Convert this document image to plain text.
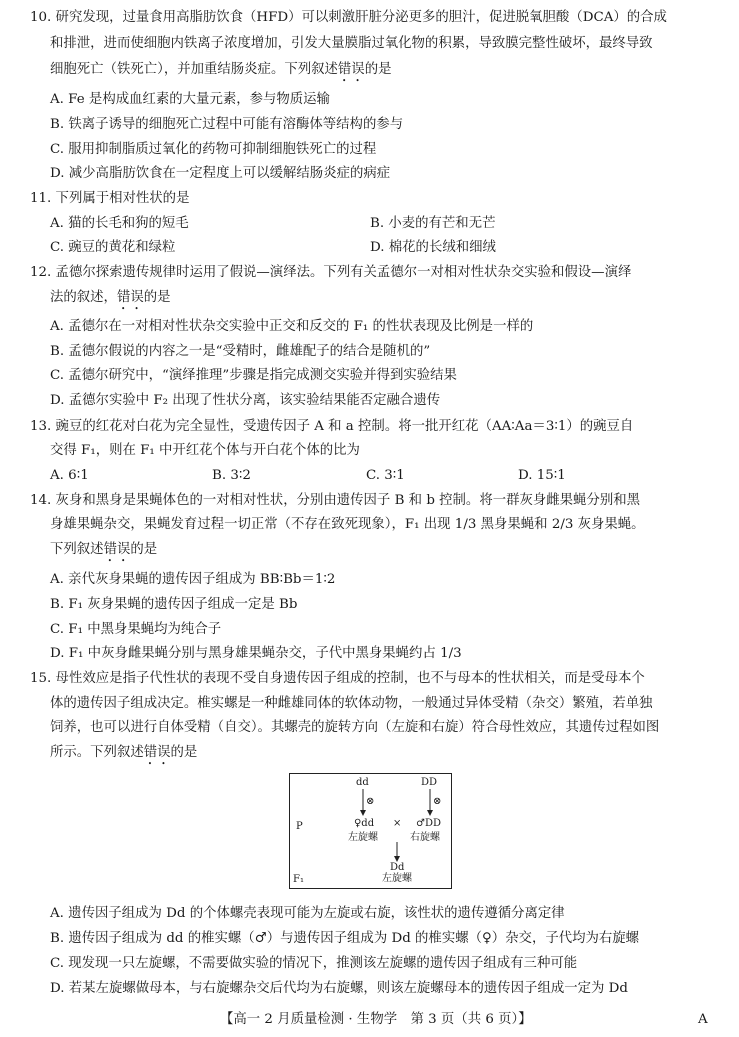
10. 研究发现，过量食用高脂肪饮食（HFD）可以刺激肝脏分泌更多的胆汁，促进脱氧胆酸（DCA）的合成
和排泄，进而使细胞内铁离子浓度增加，引发大量膜脂过氧化物的积累，导致膜完整性破坏，最终导致
细胞死亡（铁死亡），并加重结肠炎症。下列叙述错误的是
A. Fe 是构成血红素的大量元素，参与物质运输
B. 铁离子诱导的细胞死亡过程中可能有溶酶体等结构的参与
C. 服用抑制脂质过氧化的药物可抑制细胞铁死亡的过程
D. 减少高脂肪饮食在一定程度上可以缓解结肠炎症的病症
11. 下列属于相对性状的是
A. 猫的长毛和狗的短毛	B. 小麦的有芒和无芒
C. 豌豆的黄花和绿粒	D. 棉花的长绒和细绒
12. 孟德尔探索遗传规律时运用了假说—演绎法。下列有关孟德尔一对相对性状杂交实验和假设—演绎
法的叙述，错误的是
A. 孟德尔在一对相对性状杂交实验中正交和反交的 F₁ 的性状表现及比例是一样的
B. 孟德尔假说的内容之一是“受精时，雌雄配子的结合是随机的”
C. 孟德尔研究中，“演绎推理”步骤是指完成测交实验并得到实验结果
D. 孟德尔实验中 F₂ 出现了性状分离，该实验结果能否定融合遗传
13. 豌豆的红花对白花为完全显性，受遗传因子 A 和 a 控制。将一批开红花（AA∶Aa＝3∶1）的豌豆自
交得 F₁，则在 F₁ 中开红花个体与开白花个体的比为
A. 6∶1	B. 3∶2	C. 3∶1	D. 15∶1
14. 灰身和黑身是果蝇体色的一对相对性状，分别由遗传因子 B 和 b 控制。将一群灰身雌果蝇分别和黑
身雄果蝇杂交，果蝇发育过程一切正常（不存在致死现象），F₁ 出现 1/3 黑身果蝇和 2/3 灰身果蝇。
下列叙述错误的是
A. 亲代灰身果蝇的遗传因子组成为 BB∶Bb＝1∶2
B. F₁ 灰身果蝇的遗传因子组成一定是 Bb
C. F₁ 中黑身果蝇均为纯合子
D. F₁ 中灰身雌果蝇分别与黑身雄果蝇杂交，子代中黑身果蝇约占 1/3
15. 母性效应是指子代性状的表现不受自身遗传因子组成的控制，也不与母本的性状相关，而是受母本个
体的遗传因子组成决定。椎实螺是一种雌雄同体的软体动物，一般通过异体受精（杂交）繁殖，若单独
饲养，也可以进行自体受精（自交）。其螺壳的旋转方向（左旋和右旋）符合母性效应，其遗传过程如图
所示。下列叙述错误的是
dd	DD
⊗	⊗
P	♀dd × ♂DD
左旋螺	右旋螺
Dd
F₁	左旋螺
A. 遗传因子组成为 Dd 的个体螺壳表现可能为左旋或右旋，该性状的遗传遵循分离定律
B. 遗传因子组成为 dd 的椎实螺（♂）与遗传因子组成为 Dd 的椎实螺（♀）杂交，子代均为右旋螺
C. 现发现一只左旋螺，不需要做实验的情况下，推测该左旋螺的遗传因子组成有三种可能
D. 若某左旋螺做母本，与右旋螺杂交后代均为右旋螺，则该左旋螺母本的遗传因子组成一定为 Dd
【高一 2 月质量检测 · 生物学　第 3 页（共 6 页）】	A
